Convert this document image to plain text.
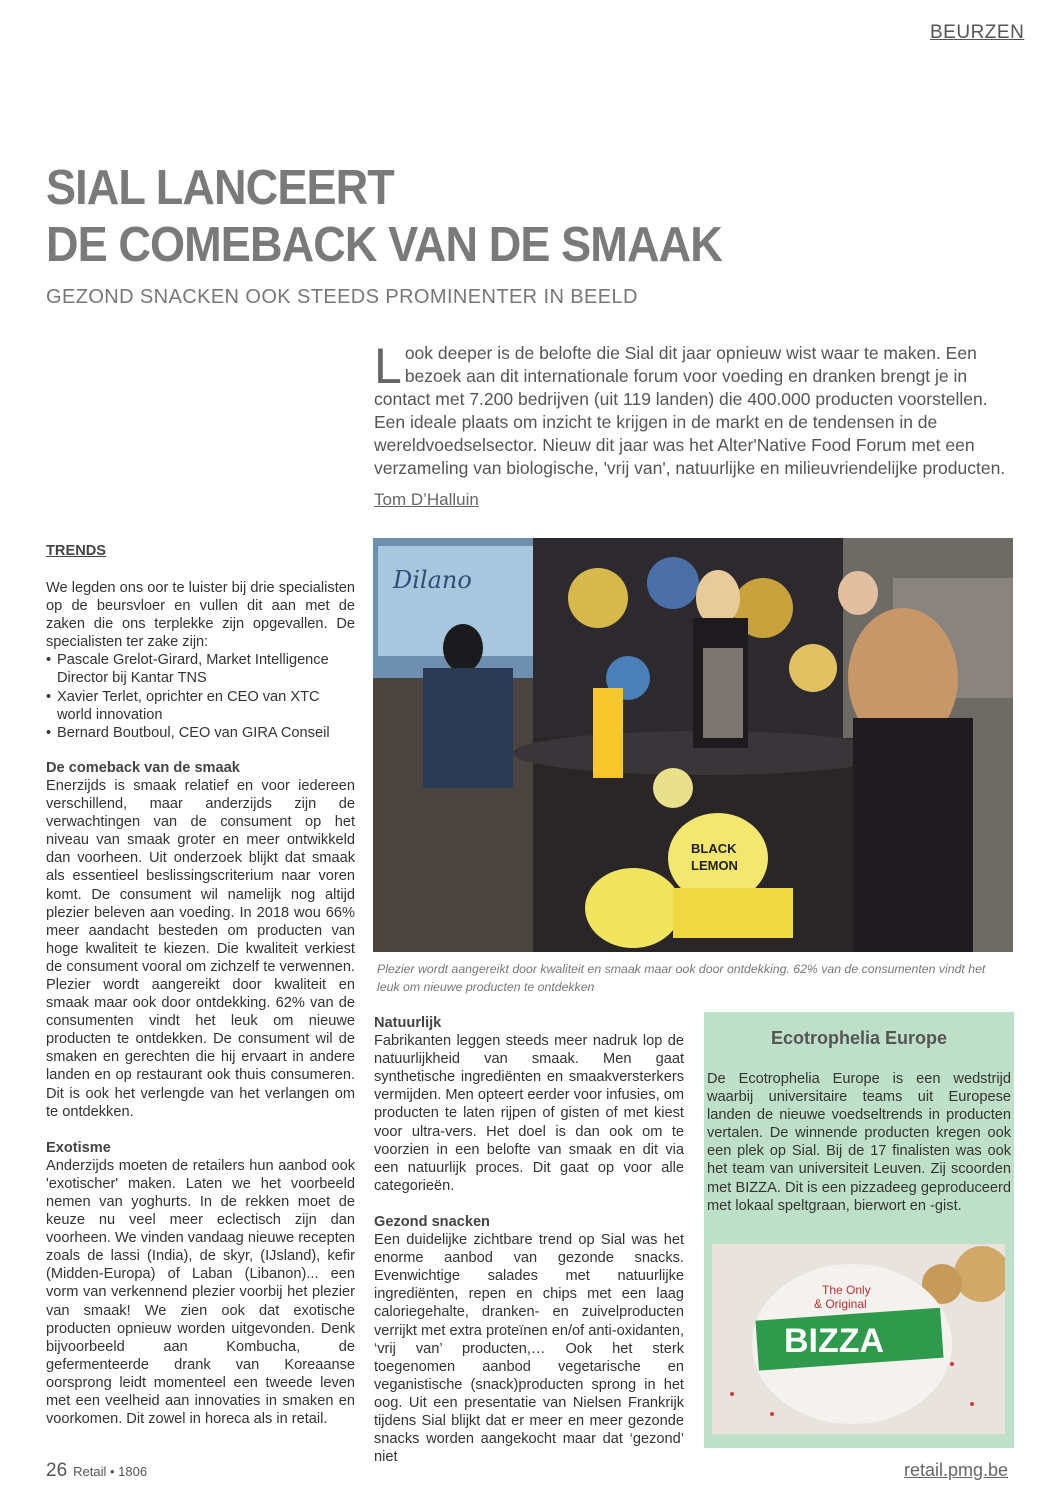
BEURZEN
SIAL LANCEERT
DE COMEBACK VAN DE SMAAK
GEZOND SNACKEN OOK STEEDS PROMINENTER IN BEELD
Look deeper is de belofte die Sial dit jaar opnieuw wist waar te maken. Een bezoek aan dit internationale forum voor voeding en dranken brengt je in contact met 7.200 bedrijven (uit 119 landen) die 400.000 producten voorstellen. Een ideale plaats om inzicht te krijgen in de markt en de tendensen in de wereldvoedselsector. Nieuw dit jaar was het Alter'Native Food Forum met een verzameling van biologische, 'vrij van', natuurlijke en milieuvriendelijke producten.
Tom D’Halluin
TRENDS

We legden ons oor te luister bij drie specialisten op de beursvloer en vullen dit aan met de zaken die ons terplekke zijn opgevallen. De specialisten ter zake zijn:

• Pascale Grelot-Girard, Market Intelligence Director bij Kantar TNS
• Xavier Terlet, oprichter en CEO van XTC world innovation
• Bernard Boutboul, CEO van GIRA Conseil

De comeback van de smaak

Enerzijds is smaak relatief en voor iedereen verschillend, maar anderzijds zijn de verwachtingen van de consument op het niveau van smaak groter en meer ontwikkeld dan voorheen. Uit onderzoek blijkt dat smaak als essentieel beslissingscriterium naar voren komt. De consument wil namelijk nog altijd plezier beleven aan voeding. In 2018 wou 66% meer aandacht besteden om producten van hoge kwaliteit te kiezen. Die kwaliteit verkiest de consument vooral om zichzelf te verwennen. Plezier wordt aangereikt door kwaliteit en smaak maar ook door ontdekking. 62% van de consumenten vindt het leuk om nieuwe producten te ontdekken. De consument wil de smaken en gerechten die hij ervaart in andere landen en op restaurant ook thuis consumeren. Dit is ook het verlengde van het verlangen om te ontdekken.

Exotisme

Anderzijds moeten de retailers hun aanbod ook 'exotischer' maken. Laten we het voorbeeld nemen van yoghurts. In de rekken moet de keuze nu veel meer eclectisch zijn dan voorheen. We vinden vandaag nieuwe recepten zoals de lassi (India), de skyr, (IJsland), kefir (Midden-Europa) of Laban (Libanon)... een vorm van verkennend plezier voorbij het plezier van smaak! We zien ook dat exotische producten opnieuw worden uitgevonden. Denk bijvoorbeeld aan Kombucha, de gefermenteerde drank van Koreaanse oorsprong leidt momenteel een tweede leven met een veelheid aan innovaties in smaken en voorkomen. Dit zowel in horeca als in retail.

Dilano
BLACK
LEMON
Plezier wordt aangereikt door kwaliteit en smaak maar ook door ontdekking. 62% van de consumenten vindt het leuk om nieuwe producten te ontdekken

Natuurlijk

Fabrikanten leggen steeds meer nadruk lop de natuurlijkheid van smaak. Men gaat synthetische ingrediënten en smaakversterkers vermijden. Men opteert eerder voor infusies, om producten te laten rijpen of gisten of met kiest voor ultra-vers. Het doel is dan ook om te voorzien in een belofte van smaak en dit via een natuurlijk proces. Dit gaat op voor alle categorieën.

Gezond snacken

Een duidelijke zichtbare trend op Sial was het enorme aanbod van gezonde snacks. Evenwichtige salades met natuurlijke ingrediënten, repen en chips met een laag caloriegehalte, dranken- en zuivelproducten verrijkt met extra proteïnen en/of anti-oxidanten, ‘vrij van’ producten,… Ook het sterk toegenomen aanbod vegetarische en veganistische (snack)producten sprong in het oog. Uit een presentatie van Nielsen Frankrijk tijdens Sial blijkt dat er meer en meer gezonde snacks worden aangekocht maar dat ‘gezond’ niet

Ecotrophelia Europe
De Ecotrophelia Europe is een wedstrijd waarbij universitaire teams uit Europese landen de nieuwe voedseltrends in producten vertalen. De winnende producten kregen ook een plek op Sial. Bij de 17 finalisten was ook het team van universiteit Leuven. Zij scoorden met BIZZA. Dit is een pizzadeeg geproduceerd met lokaal speltgraan, bierwort en -gist.
The Only
& Original
BIZZA
26 Retail • 1806	retail.pmg.be
